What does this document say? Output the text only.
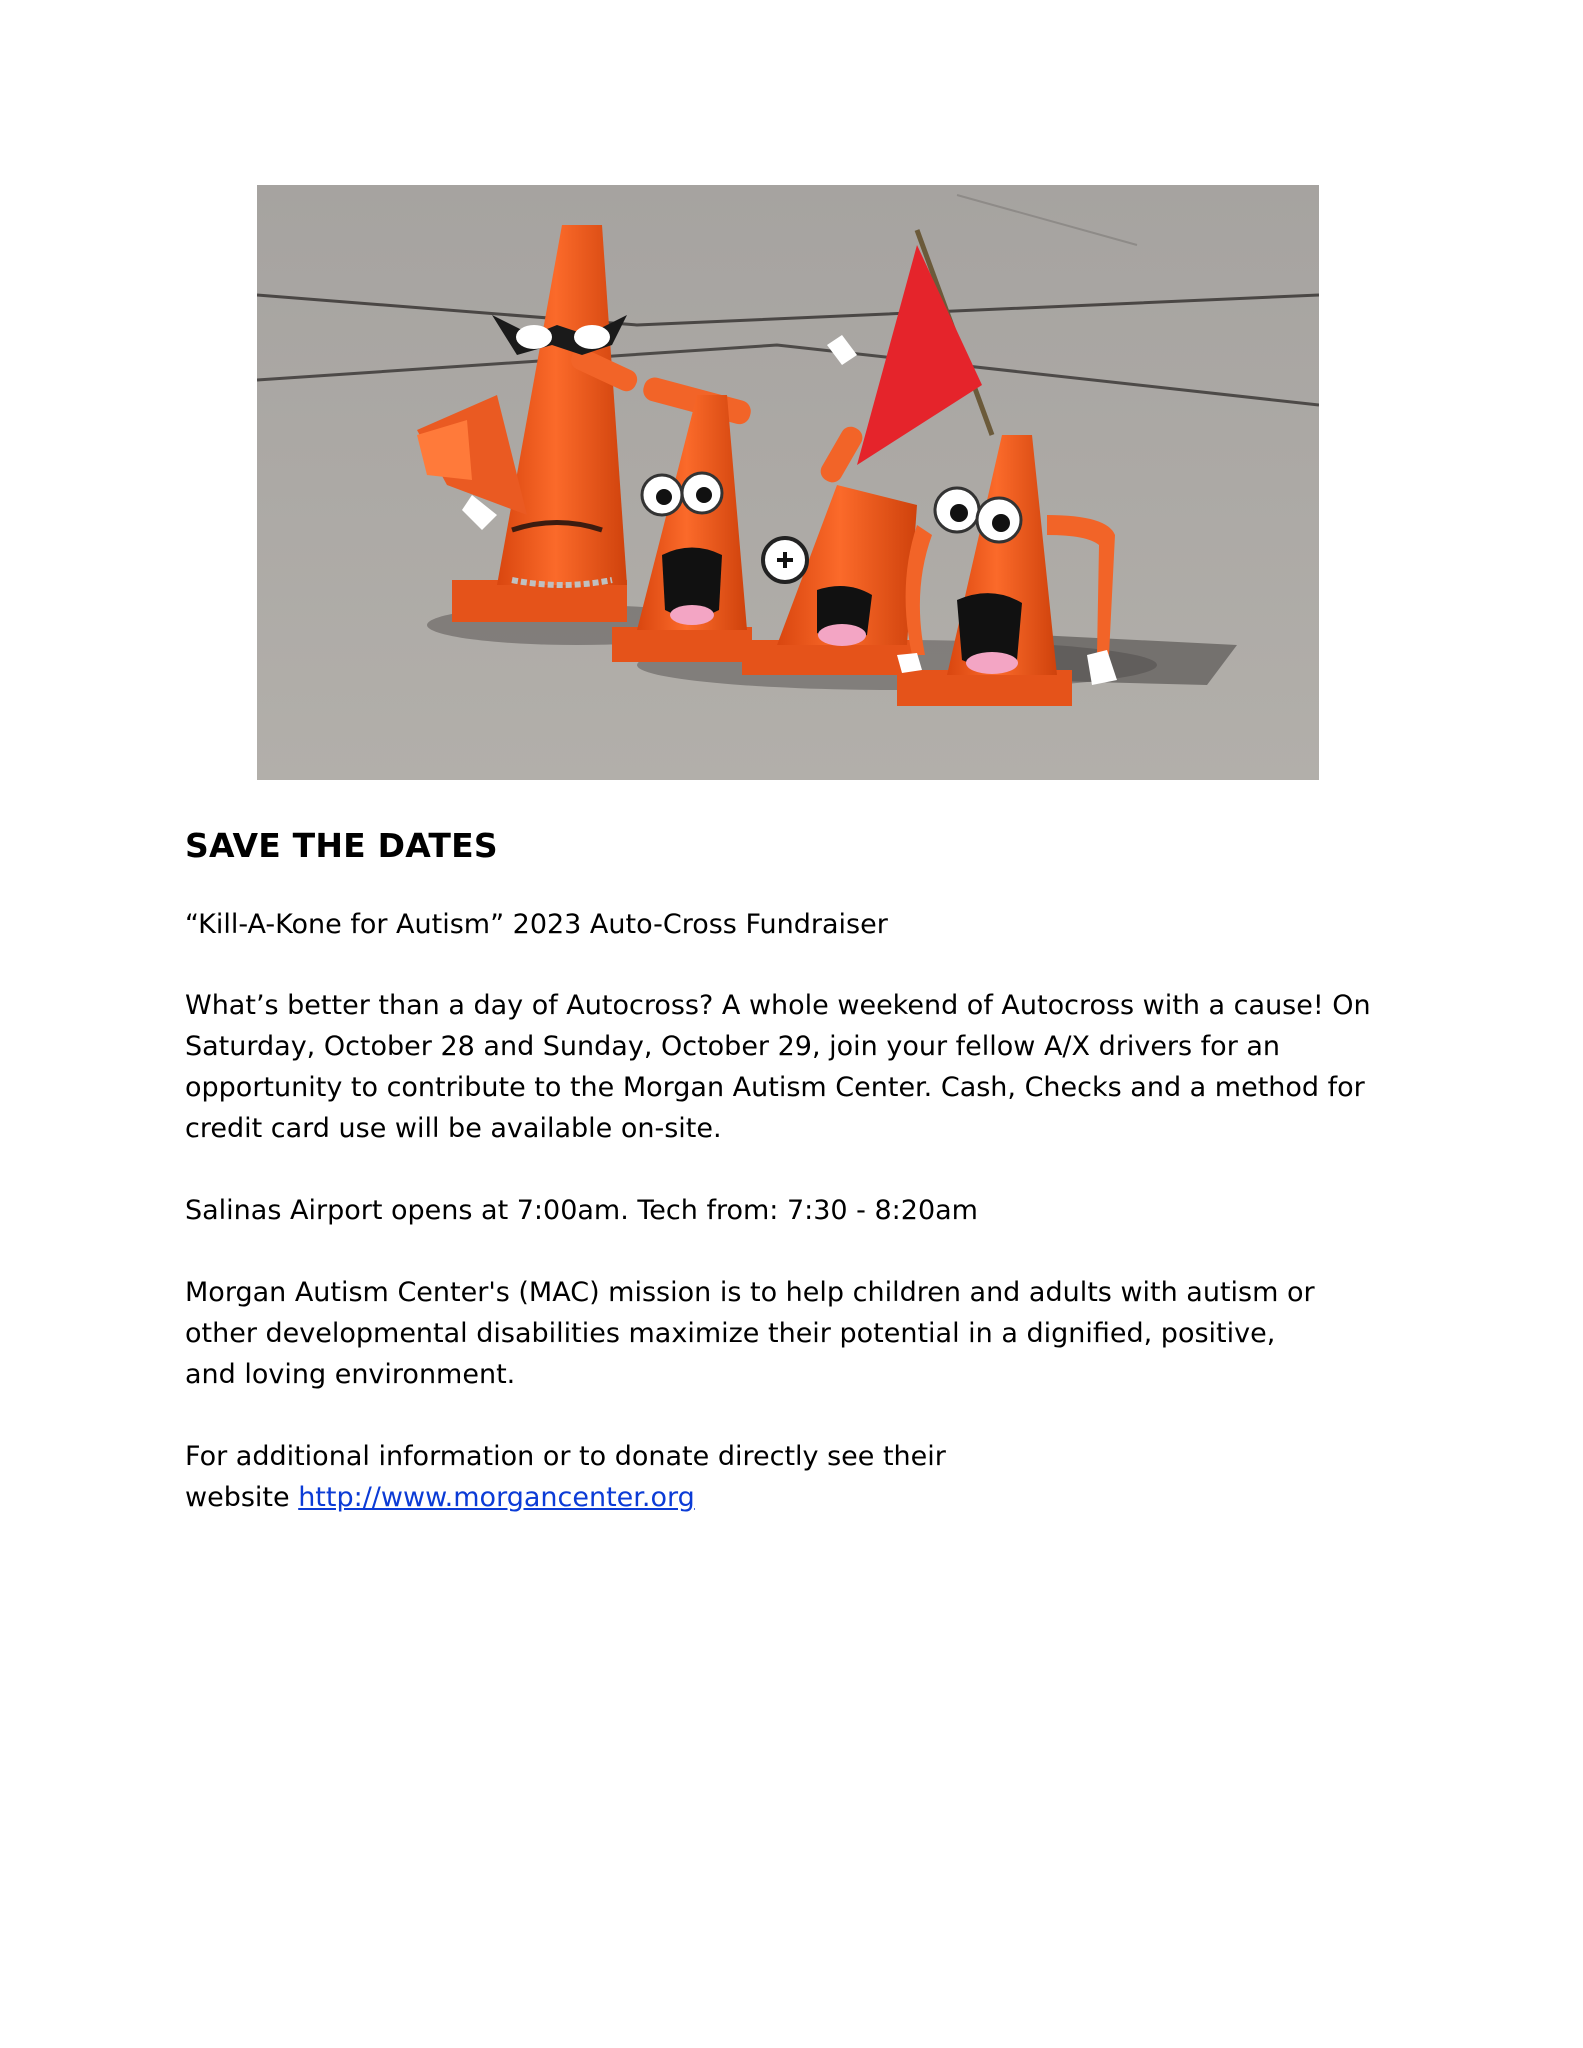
SAVE THE DATES

“Kill-A-Kone for Autism” 2023 Auto-Cross Fundraiser

What’s better than a day of Autocross? A whole weekend of Autocross with a cause! On
Saturday, October 28 and Sunday, October 29, join your fellow A/X drivers for an
opportunity to contribute to the Morgan Autism Center. Cash, Checks and a method for
credit card use will be available on-site.

Salinas Airport opens at 7:00am. Tech from: 7:30 - 8:20am

Morgan Autism Center's (MAC) mission is to help children and adults with autism or
other developmental disabilities maximize their potential in a dignified, positive,
and loving environment.

For additional information or to donate directly see their
website http://www.morgancenter.org
